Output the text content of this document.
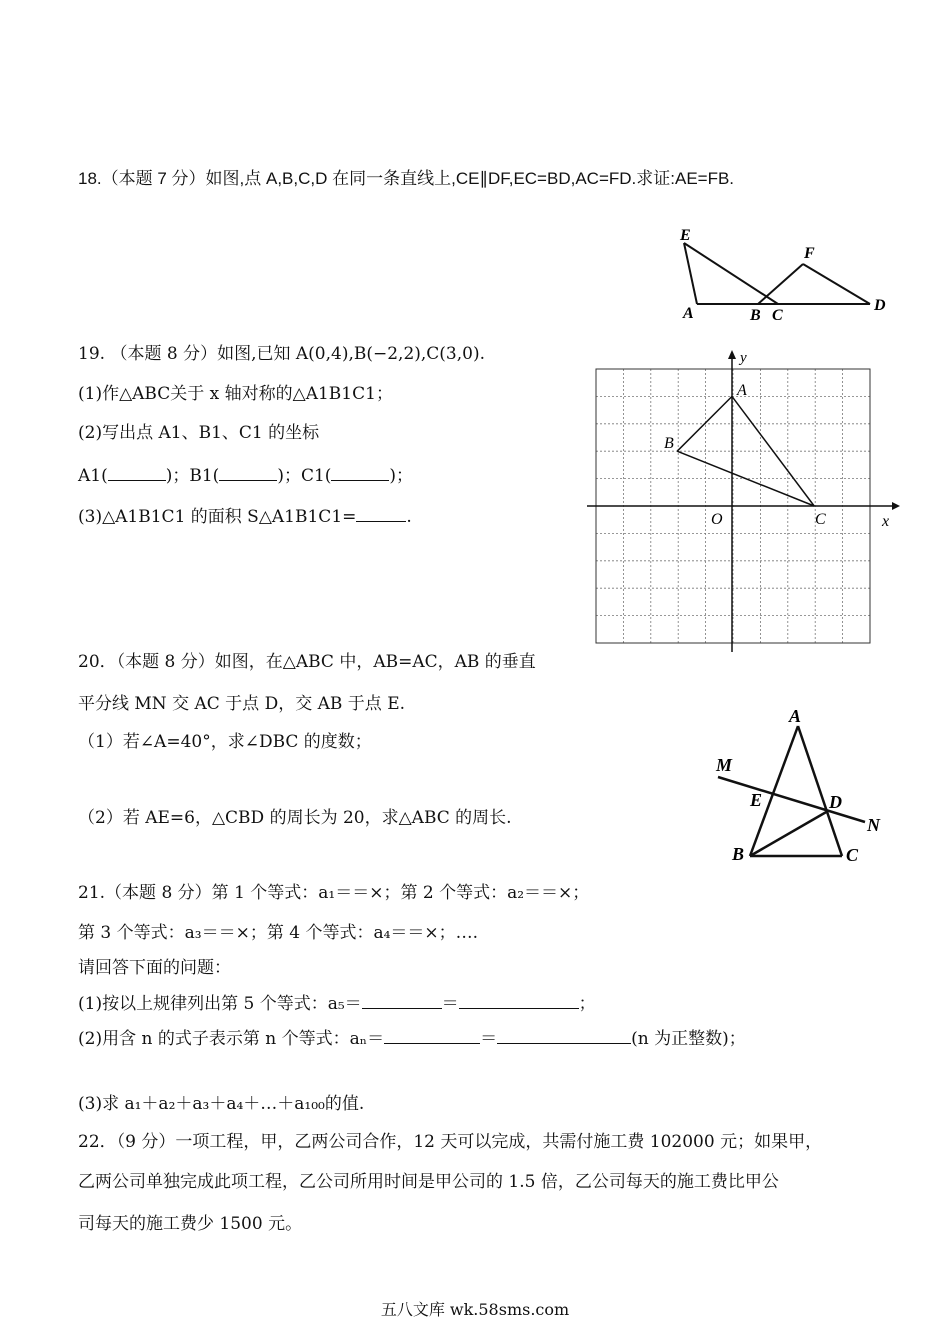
18.（本题 7 分）如图,点 A,B,C,D 在同一条直线上,CE∥DF,EC=BD,AC=FD.求证:AE=FB.
E
F
A	B C
D
19. （本题 8 分）如图,已知 A(0,4),B(−2,2),C(3,0).
(1)作△ABC关于 x 轴对称的△A1B1C1；
(2)写出点 A1、B1、C1 的坐标
A1(	)；B1(	)；C1(	)；
(3)△A1B1C1 的面积 S△A1B1C1=	.
y
x
A
B
C
O
20．（本题 8 分）如图，在△ABC 中，AB=AC，AB 的垂直
平分线 MN 交 AC 于点 D，交 AB 于点 E.
（1）若∠A=40°，求∠DBC 的度数；
（2）若 AE=6，△CBD 的周长为 20，求△ABC 的周长.
A
M
E	D
N
B	C
21.（本题 8 分）第 1 个等式：a₁＝＝×；第 2 个等式：a₂＝＝×；
第 3 个等式：a₃＝＝×；第 4 个等式：a₄＝＝×；….
请回答下面的问题：
(1)按以上规律列出第 5 个等式：a₅＝	＝	；
(2)用含 n 的式子表示第 n 个等式：aₙ＝	＝	(n 为正整数)；
(3)求 a₁＋a₂＋a₃＋a₄＋…＋a₁₀₀的值.
22．（9 分）一项工程，甲，乙两公司合作，12 天可以完成，共需付施工费 102000 元；如果甲，
乙两公司单独完成此项工程，乙公司所用时间是甲公司的 1.5 倍，乙公司每天的施工费比甲公
司每天的施工费少 1500 元。
五八文库 wk.58sms.com
